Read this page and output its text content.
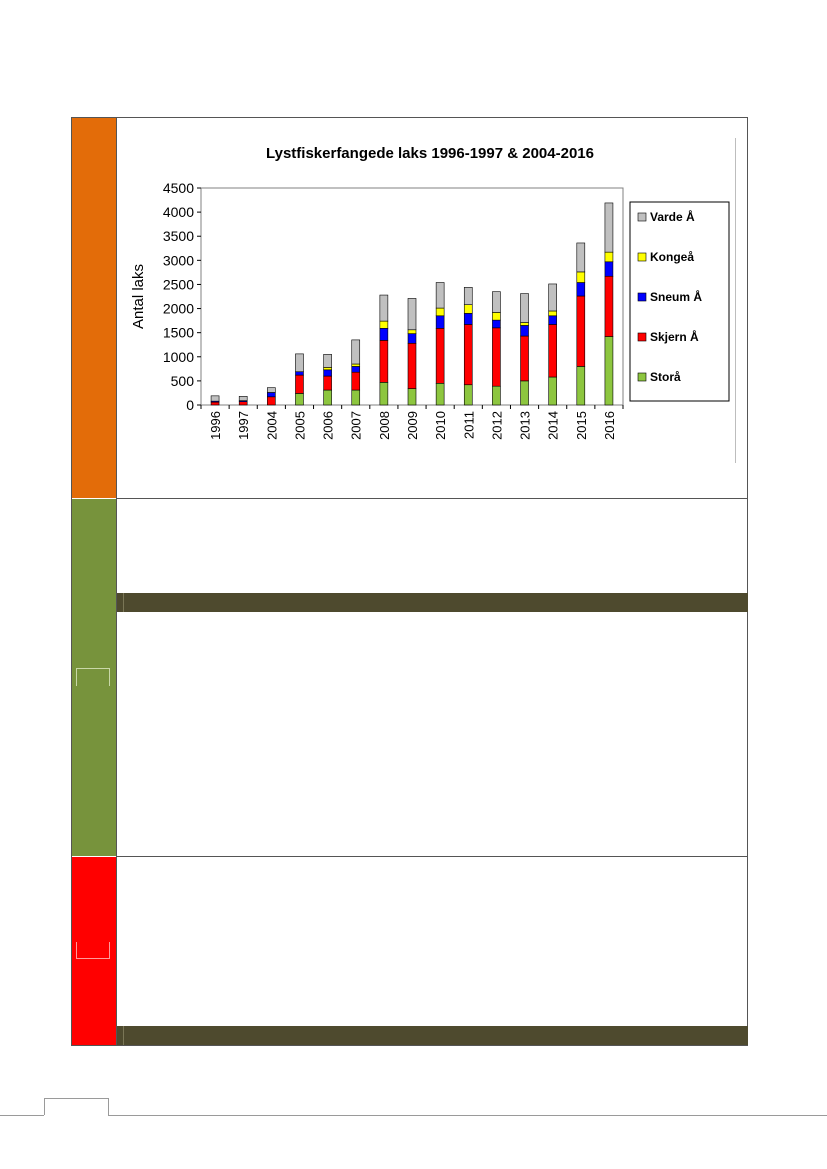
Lystfiskerfangede laks 1996-1997 & 2004-2016
Antal laks
0
500
1000
1500
2000
2500
3000
3500
4000
4500
1996 1997 2004 2005 2006 2007 2008 2009 2010 2011 2012 2013 2014 2015 2016
Varde Å
Kongeå
Sneum Å
Skjern Å
Storå
